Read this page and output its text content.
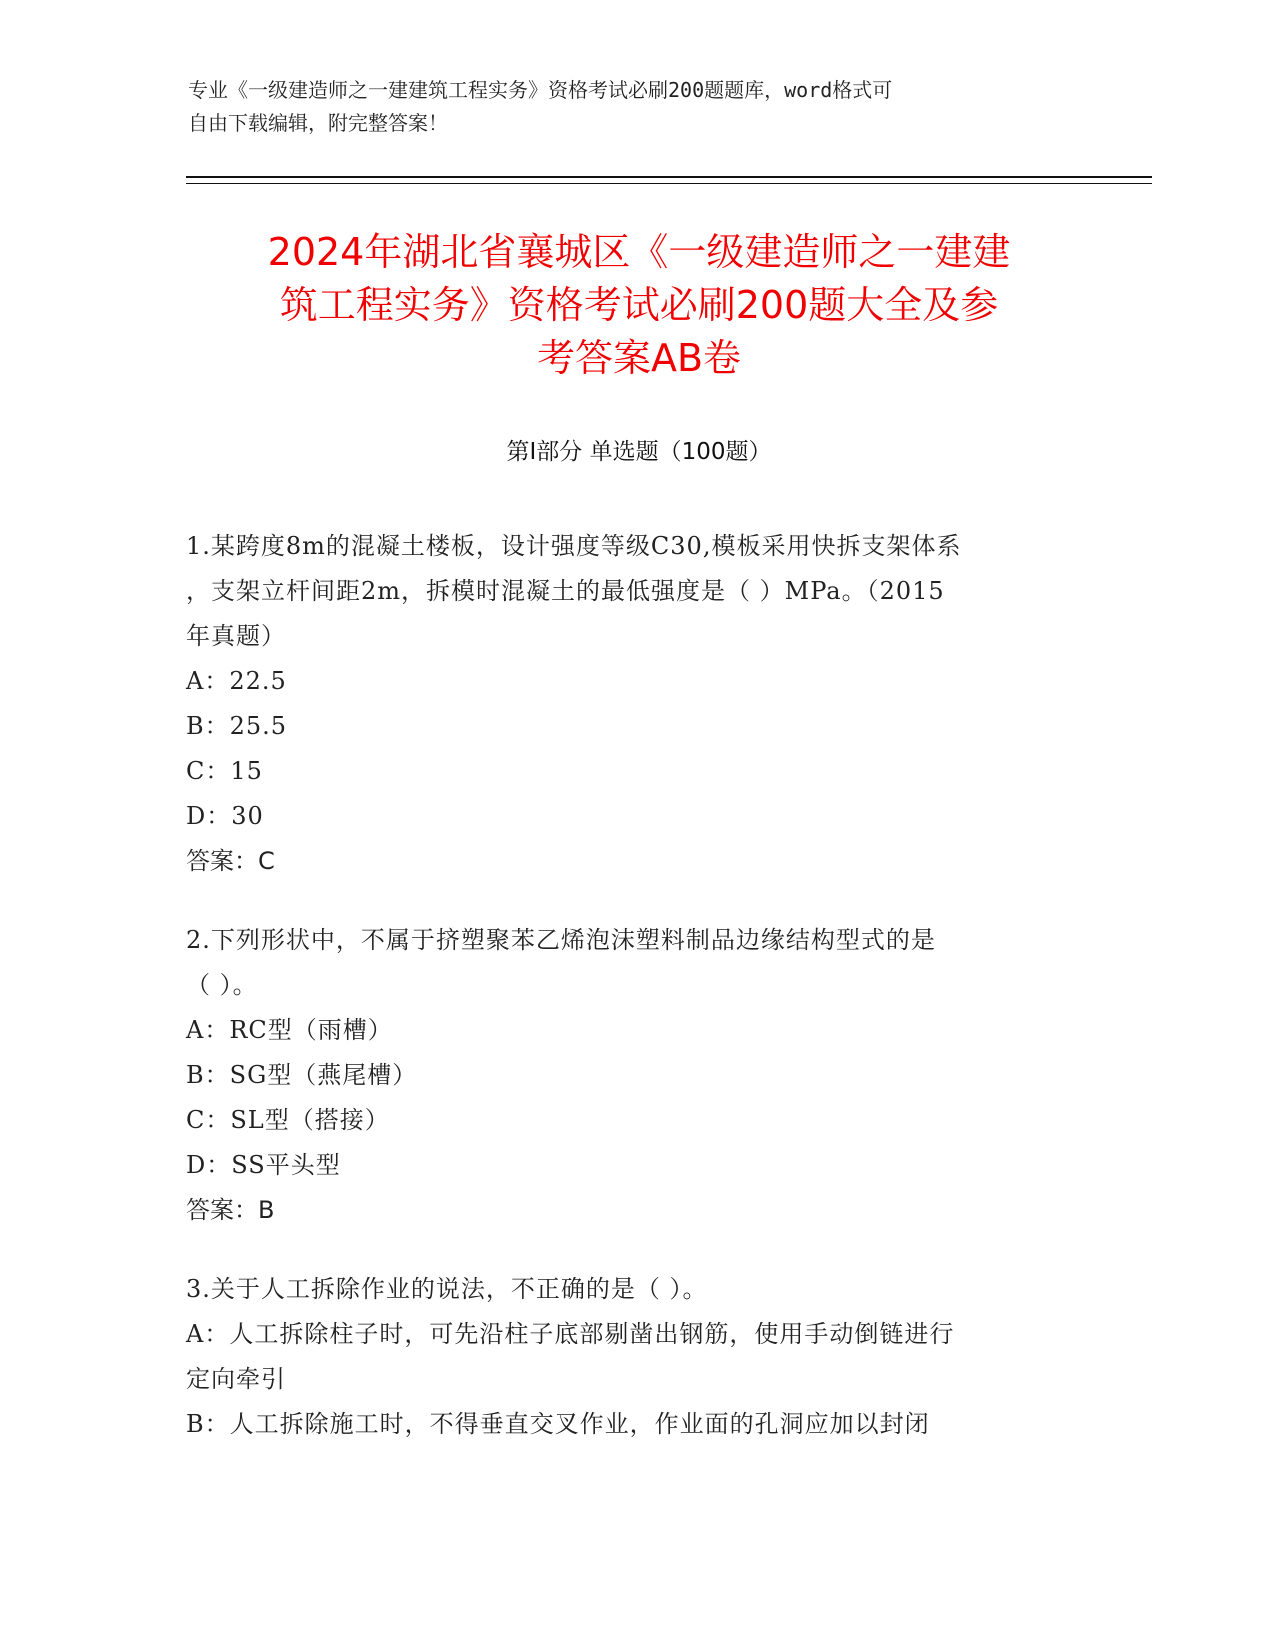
专业《一级建造师之一建建筑工程实务》资格考试必刷200题题库，word格式可
自由下载编辑，附完整答案！
2024年湖北省襄城区《一级建造师之一建建
筑工程实务》资格考试必刷200题大全及参
考答案AB卷
第Ⅰ部分 单选题（100题）
1.某跨度8m的混凝土楼板，设计强度等级C30,模板采用快拆支架体系
，支架立杆间距2m，拆模时混凝土的最低强度是（ ）MPa。（2015
年真题）
A：22.5
B：25.5
C：15
D：30
答案：C
2.下列形状中，不属于挤塑聚苯乙烯泡沫塑料制品边缘结构型式的是
（ ）。
A：RC型（雨槽）
B：SG型（燕尾槽）
C：SL型（搭接）
D：SS平头型
答案：B
3.关于人工拆除作业的说法，不正确的是（ ）。
A：人工拆除柱子时，可先沿柱子底部剔凿出钢筋，使用手动倒链进行
定向牵引
B：人工拆除施工时，不得垂直交叉作业，作业面的孔洞应加以封闭
